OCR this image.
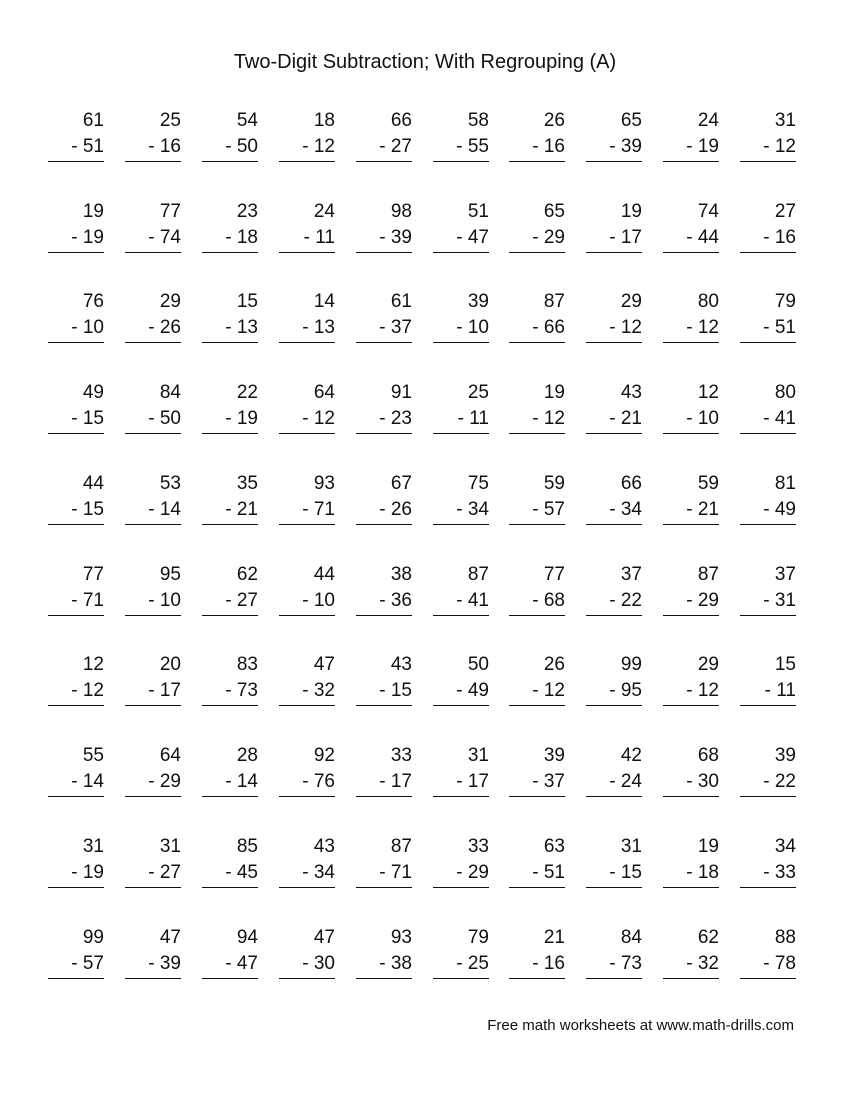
Two-Digit Subtraction; With Regrouping (A)
61
- 51
25
- 16
54
- 50
18
- 12
66
- 27
58
- 55
26
- 16
65
- 39
24
- 19
31
- 12
19
- 19
77
- 74
23
- 18
24
- 11
98
- 39
51
- 47
65
- 29
19
- 17
74
- 44
27
- 16
76
- 10
29
- 26
15
- 13
14
- 13
61
- 37
39
- 10
87
- 66
29
- 12
80
- 12
79
- 51
49
- 15
84
- 50
22
- 19
64
- 12
91
- 23
25
- 11
19
- 12
43
- 21
12
- 10
80
- 41
44
- 15
53
- 14
35
- 21
93
- 71
67
- 26
75
- 34
59
- 57
66
- 34
59
- 21
81
- 49
77
- 71
95
- 10
62
- 27
44
- 10
38
- 36
87
- 41
77
- 68
37
- 22
87
- 29
37
- 31
12
- 12
20
- 17
83
- 73
47
- 32
43
- 15
50
- 49
26
- 12
99
- 95
29
- 12
15
- 11
55
- 14
64
- 29
28
- 14
92
- 76
33
- 17
31
- 17
39
- 37
42
- 24
68
- 30
39
- 22
31
- 19
31
- 27
85
- 45
43
- 34
87
- 71
33
- 29
63
- 51
31
- 15
19
- 18
34
- 33
99
- 57
47
- 39
94
- 47
47
- 30
93
- 38
79
- 25
21
- 16
84
- 73
62
- 32
88
- 78
Free math worksheets at www.math-drills.com
